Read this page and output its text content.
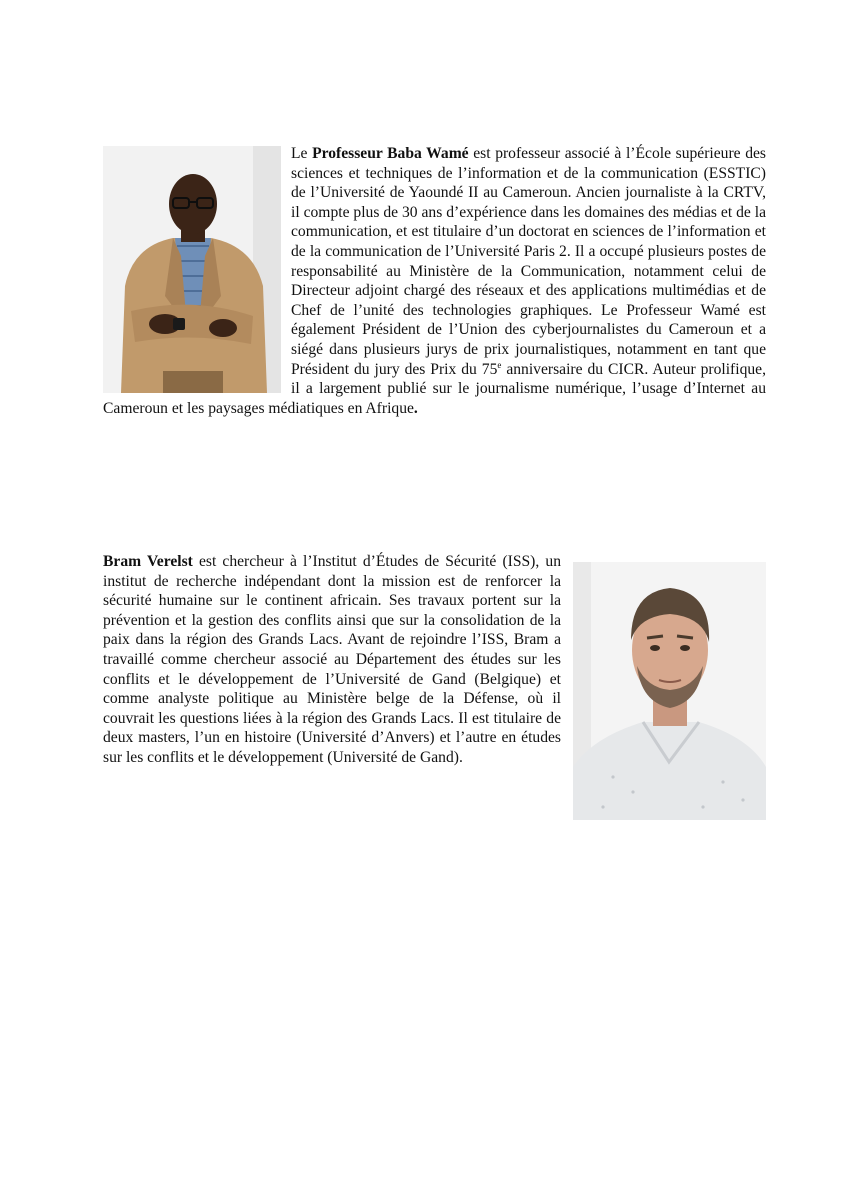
Le Professeur Baba Wamé est professeur associé à l’École supérieure des sciences et techniques de l’information et de la communication (ESSTIC) de l’Université de Yaoundé II au Cameroun. Ancien journaliste à la CRTV, il compte plus de 30 ans d’expérience dans les domaines des médias et de la communication, et est titulaire d’un doctorat en sciences de l’information et de la communication de l’Université Paris 2. Il a occupé plusieurs postes de responsabilité au Ministère de la Communication, notamment celui de Directeur adjoint chargé des réseaux et des applications multimédias et de Chef de l’unité des technologies graphiques. Le Professeur Wamé est également Président de l’Union des cyberjournalistes du Cameroun et a siégé dans plusieurs jurys de prix journalistiques, notamment en tant que Président du jury des Prix du 75e anniversaire du CICR. Auteur prolifique, il a largement publié sur le journalisme numérique, l’usage d’Internet au Cameroun et les paysages médiatiques en Afrique.
Bram Verelst est chercheur à l’Institut d’Études de Sécurité (ISS), un institut de recherche indépendant dont la mission est de renforcer la sécurité humaine sur le continent africain. Ses travaux portent sur la prévention et la gestion des conflits ainsi que sur la consolidation de la paix dans la région des Grands Lacs. Avant de rejoindre l’ISS, Bram a travaillé comme chercheur associé au Département des études sur les conflits et le développement de l’Université de Gand (Belgique) et comme analyste politique au Ministère belge de la Défense, où il couvrait les questions liées à la région des Grands Lacs. Il est titulaire de deux masters, l’un en histoire (Université d’Anvers) et l’autre en études sur les conflits et le développement (Université de Gand).
